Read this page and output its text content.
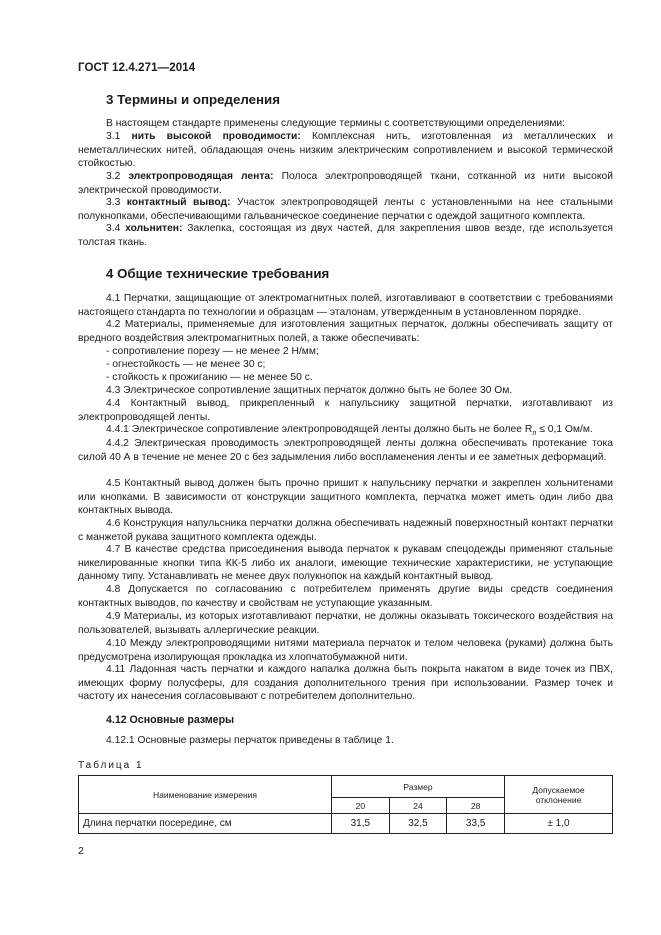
ГОСТ 12.4.271—2014
3 Термины и определения
В настоящем стандарте применены следующие термины с соответствующими определениями:
3.1 нить высокой проводимости: Комплексная нить, изготовленная из металлических и неметаллических нитей, обладающая очень низким электрическим сопротивлением и высокой термической стойкостью.
3.2 электропроводящая лента: Полоса электропроводящей ткани, сотканной из нити высокой электрической проводимости.
3.3 контактный вывод: Участок электропроводящей ленты с установленными на нее стальными полукнопками, обеспечивающими гальваническое соединение перчатки с одеждой защитного комплекта.
3.4 хольнитен: Заклепка, состоящая из двух частей, для закрепления швов везде, где используется толстая ткань.
4 Общие технические требования
4.1 Перчатки, защищающие от электромагнитных полей, изготавливают в соответствии с требованиями настоящего стандарта по технологии и образцам — эталонам, утвержденным в установленном порядке.
4.2 Материалы, применяемые для изготовления защитных перчаток, должны обеспечивать защиту от вредного воздействия электромагнитных полей, а также обеспечивать:
- сопротивление порезу — не менее 2 Н/мм;
- огнестойкость — не менее 30 с;
- стойкость к прожиганию — не менее 50 с.
4.3 Электрическое сопротивление защитных перчаток должно быть не более 30 Ом.
4.4 Контактный вывод, прикрепленный к напульснику защитной перчатки, изготавливают из электропроводящей ленты.
4.4.1 Электрическое сопротивление электропроводящей ленты должно быть не более $R_л \le 0,1$ Ом/м.
4.4.2 Электрическая проводимость электропроводящей ленты должна обеспечивать протекание тока силой 40 А в течение не менее 20 с без задымления либо воспламенения ленты и ее заметных деформаций.
4.5 Контактный вывод должен быть прочно пришит к напульснику перчатки и закреплен хольнитенами или кнопками. В зависимости от конструкции защитного комплекта, перчатка может иметь один либо два контактных вывода.
4.6 Конструкция напульсника перчатки должна обеспечивать надежный поверхностный контакт перчатки с манжетой рукава защитного комплекта одежды.
4.7 В качестве средства присоединения вывода перчаток к рукавам спецодежды применяют стальные никелированные кнопки типа КК-5 либо их аналоги, имеющие технические характеристики, не уступающие данному типу. Устанавливать не менее двух полукнопок на каждый контактный вывод.
4.8 Допускается по согласованию с потребителем применять другие виды средств соединения контактных выводов, по качеству и свойствам не уступающие указанным.
4.9 Материалы, из которых изготавливают перчатки, не должны оказывать токсического воздействия на пользователей, вызывать аллергические реакции.
4.10 Между электропроводящими нитями материала перчаток и телом человека (руками) должна быть предусмотрена изолирующая прокладка из хлопчатобумажной нити.
4.11 Ладонная часть перчатки и каждого напалка должна быть покрыта накатом в виде точек из ПВХ, имеющих форму полусферы, для создания дополнительного трения при использовании. Размер точек и частоту их нанесения согласовывают с потребителем дополнительно.
4.12 Основные размеры
4.12.1 Основные размеры перчаток приведены в таблице 1.
Таблица 1
Наименование измерения	Размер			Допускаемое
отклонение

	20	24	28	
Длина перчатки посередине, см	31,5	32,5	33,5	± 1,0
2
